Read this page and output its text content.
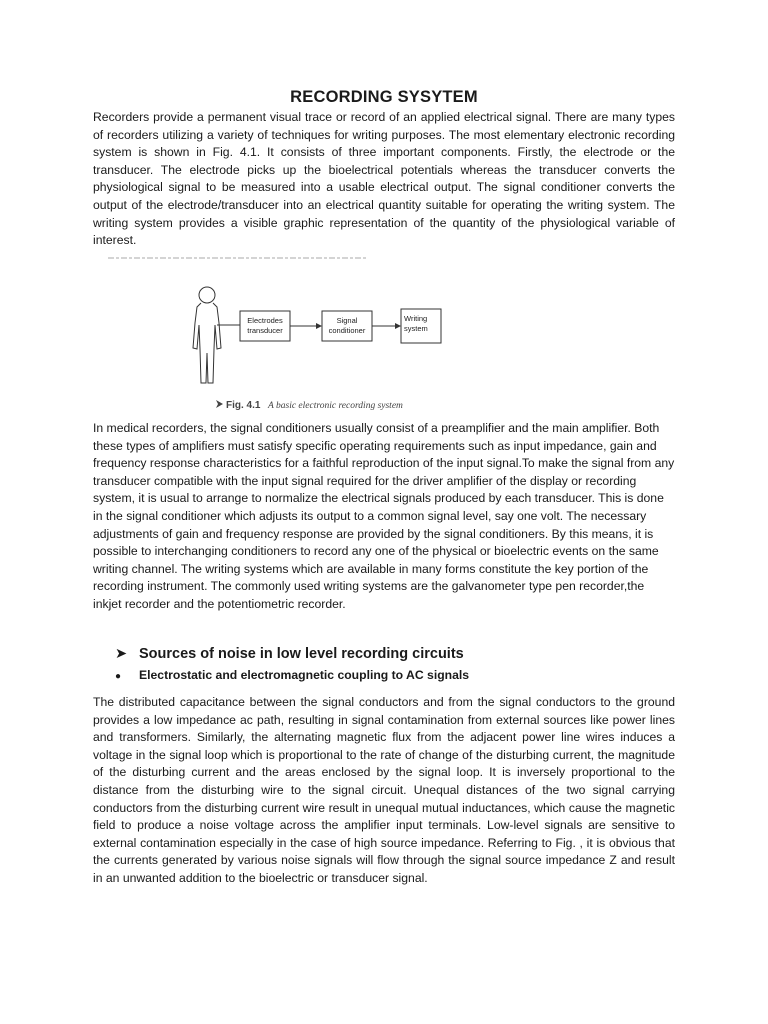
RECORDING SYSYTEM
Recorders provide a permanent visual trace or record of an applied electrical signal. There are many types of recorders utilizing a variety of techniques for writing purposes. The most elementary electronic recording system is shown in Fig. 4.1. It consists of three important components. Firstly, the electrode or the transducer. The electrode picks up the bioelectrical potentials whereas the transducer converts the physiological signal to be measured into a usable electrical output. The signal conditioner converts the output of the electrode/transducer into an electrical quantity suitable for operating the writing system. The writing system provides a visible graphic representation of the quantity of the physiological variable of interest.
Electrodes
transducer
Signal
conditioner
Writing
system
Fig. 4.1 A basic electronic recording system
In medical recorders, the signal conditioners usually consist of a preamplifier and the main amplifier. Both these types of amplifiers must satisfy specific operating requirements such as input impedance, gain and frequency response characteristics for a faithful reproduction of the input signal.To make the signal from any transducer compatible with the input signal required for the driver amplifier of the display or recording system, it is usual to arrange to normalize the electrical signals produced by each transducer. This is done in the signal conditioner which adjusts its output to a common signal level, say one volt. The necessary adjustments of gain and frequency response are provided by the signal conditioners. By this means, it is possible to interchanging conditioners to record any one of the physical or bioelectric events on the same writing channel. The writing systems which are available in many forms constitute the key portion of the recording instrument. The commonly used writing systems are the galvanometer type pen recorder,the inkjet recorder and the potentiometric recorder.
➤ Sources of noise in low level recording circuits
● Electrostatic and electromagnetic coupling to AC signals
The distributed capacitance between the signal conductors and from the signal conductors to the ground provides a low impedance ac path, resulting in signal contamination from external sources like power lines and transformers. Similarly, the alternating magnetic flux from the adjacent power line wires induces a voltage in the signal loop which is proportional to the rate of change of the disturbing current, the magnitude of the disturbing current and the areas enclosed by the signal loop. It is inversely proportional to the distance from the disturbing wire to the signal circuit. Unequal distances of the two signal carrying conductors from the disturbing current wire result in unequal mutual inductances, which cause the magnetic field to produce a noise voltage across the amplifier input terminals. Low-level signals are sensitive to external contamination especially in the case of high source impedance. Referring to Fig. , it is obvious that the currents generated by various noise signals will flow through the signal source impedance Z and result in an unwanted addition to the bioelectric or transducer signal.
